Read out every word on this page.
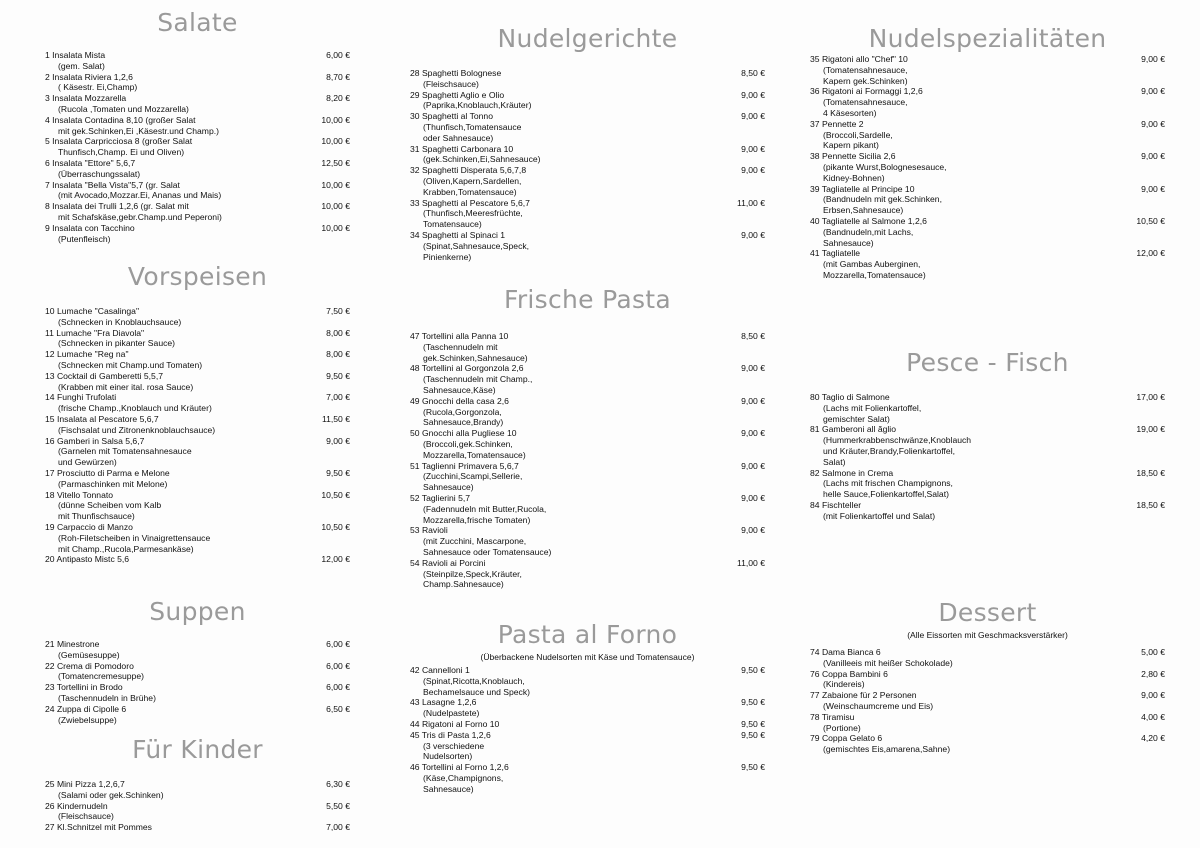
Salate
1 Insalata Mista
(gem. Salat)
6,00 €
2 Insalata Riviera 1,2,6
( Käsestr. Ei,Champ)
8,70 €
3 Insalata Mozzarella
(Rucola ,Tomaten und Mozzarella)
8,20 €
4 Insalata Contadina 8,10 (großer Salat
mit gek.Schinken,Ei ,Käsestr.und Champ.)
10,00 €
5 Insalata Carpricciosa 8 (großer Salat
Thunfisch,Champ. Ei und Oliven)
10,00 €
6 Insalata "Ettore" 5,6,7
(Überraschungssalat)
12,50 €
7 Insalata "Bella Vista"5,7 (gr. Salat
(mit Avocado,Mozzar.Ei, Ananas und Mais)
10,00 €
8 Insalata dei Trulli 1,2,6 (gr. Salat mit
mit Schafskäse,gebr.Champ.und Peperoni)
10,00 €
9 Insalata con Tacchino
(Putenfleisch)
10,00 €
Vorspeisen
10 Lumache "Casalinga"
(Schnecken in Knoblauchsauce)
7,50 €
11 Lumache "Fra Diavola"
(Schnecken in pikanter Sauce)
8,00 €
12 Lumache "Reg na"
(Schnecken mit Champ.und Tomaten)
8,00 €
13 Cocktail di Gamberetti 5,5,7
(Krabben mit einer ital. rosa Sauce)
9,50 €
14 Funghi Trufolati
(frische Champ.,Knoblauch und Kräuter)
7,00 €
15 Insalata al Pescatore 5,6,7
(Fischsalat und Zitronenknoblauchsauce)
11,50 €
16 Gamberi in Salsa 5,6,7
(Garnelen mit Tomatensahnesauce
und Gewürzen)
9,00 €
17 Prosciutto di Parma e Melone
(Parmaschinken mit Melone)
9,50 €
18 Vitello Tonnato
(dünne Scheiben vom Kalb
mit Thunfischsauce)
10,50 €
19 Carpaccio di Manzo
(Roh-Filetscheiben in Vinaigrettensauce
mit Champ.,Rucola,Parmesankäse)
10,50 €
20 Antipasto Mistc 5,6	12,00 €
Suppen
21 Minestrone
(Gemüsesuppe)
6,00 €
22 Crema di Pomodoro
(Tomatencremesuppe)
6,00 €
23 Tortellini in Brodo
(Taschennudeln in Brühe)
6,00 €
24 Zuppa di Cipolle 6
(Zwiebelsuppe)
6,50 €
Für Kinder
25 Mini Pizza 1,2,6,7
(Salami oder gek.Schinken)
6,30 €
26 Kindernudeln
(Fleischsauce)
5,50 €
27 Kl.Schnitzel mit Pommes	7,00 €
Nudelgerichte
28 Spaghetti Bolognese
(Fleischsauce)
8,50 €
29 Spaghetti Aglio e Olio
(Paprika,Knoblauch,Kräuter)
9,00 €
30 Spaghetti al Tonno
(Thunfisch,Tomatensauce
oder Sahnesauce)
9,00 €
31 Spaghetti Carbonara 10
(gek.Schinken,Ei,Sahnesauce)
9,00 €
32 Spaghetti Disperata 5,6,7,8
(Oliven,Kapern,Sardellen,
Krabben,Tomatensauce)
9,00 €
33 Spaghetti al Pescatore 5,6,7
(Thunfisch,Meeresfrüchte,
Tomatensauce)
11,00 €
34 Spaghetti al Spinaci 1
(Spinat,Sahnesauce,Speck,
Pinienkerne)
9,00 €
Frische Pasta
47 Tortellini alla Panna 10
(Taschennudeln mit
gek.Schinken,Sahnesauce)
8,50 €
48 Tortellini al Gorgonzola 2,6
(Taschennudeln mit Champ.,
Sahnesauce,Käse)
9,00 €
49 Gnocchi della casa 2,6
(Rucola,Gorgonzola,
Sahnesauce,Brandy)
9,00 €
50 Gnocchi alla Pugliese 10
(Broccoli,gek.Schinken,
Mozzarella,Tomatensauce)
9,00 €
51 Taglienni Primavera 5,6,7
(Zucchini,Scampi,Sellerie,
Sahnesauce)
9,00 €
52 Taglierini 5,7
(Fadennudeln mit Butter,Rucola,
Mozzarella,frische Tomaten)
9,00 €
53 Ravioli
(mit Zucchini, Mascarpone,
Sahnesauce oder Tomatensauce)
9,00 €
54 Ravioli ai Porcini
(Steinpilze,Speck,Kräuter,
Champ.Sahnesauce)
11,00 €
Pasta al Forno
(Überbackene Nudelsorten mit Käse und Tomatensauce)
42 Cannelloni 1
(Spinat,Ricotta,Knoblauch,
Bechamelsauce und Speck)
9,50 €
43 Lasagne 1,2,6
(Nudelpastete)
9,50 €
44 Rigatoni al Forno 10	9,50 €
45 Tris di Pasta 1,2,6
(3 verschiedene
Nudelsorten)
9,50 €
46 Tortellini al Forno 1,2,6
(Käse,Champignons,
Sahnesauce)
9,50 €
Nudelspezialitäten
35 Rigatoni allo "Chef" 10
(Tomatensahnesauce,
Kapern gek.Schinken)
9,00 €
36 Rigatoni ai Formaggi 1,2,6
(Tomatensahnesauce,
4 Käsesorten)
9,00 €
37 Pennette 2
(Broccoli,Sardelle,
Kapern pikant)
9,00 €
38 Pennette Sicilia 2,6
(pikante Wurst,Bolognesesauce,
Kidney-Bohnen)
9,00 €
39 Tagliatelle al Principe 10
(Bandnudeln mit gek.Schinken,
Erbsen,Sahnesauce)
9,00 €
40 Tagliatelle al Salmone 1,2,6
(Bandnudeln,mit Lachs,
Sahnesauce)
10,50 €
41 Tagliatelle
(mit Gambas Auberginen,
Mozzarella,Tomatensauce)
12,00 €
Pesce - Fisch
80 Taglio di Salmone
(Lachs mit Folienkartoffel,
gemischter Salat)
17,00 €
81 Gamberoni all ăglio
(Hummerkrabbenschwänze,Knoblauch
und Kräuter,Brandy,Folienkartoffel,
Salat)
19,00 €
82 Salmone in Crema
(Lachs mit frischen Champignons,
helle Sauce,Folienkartoffel,Salat)
18,50 €
84 Fischteller
(mit Folienkartoffel und Salat)
18,50 €
Dessert
(Alle Eissorten mit Geschmacksverstärker)
74 Dama Bianca 6
(Vanilleeis mit heißer Schokolade)
5,00 €
76 Coppa Bambini 6
(Kindereis)
2,80 €
77 Zabaione für 2 Personen
(Weinschaumcreme und Eis)
9,00 €
78 Tiramisu
(Portione)
4,00 €
79 Coppa Gelato 6
(gemischtes Eis,amarena,Sahne)
4,20 €
